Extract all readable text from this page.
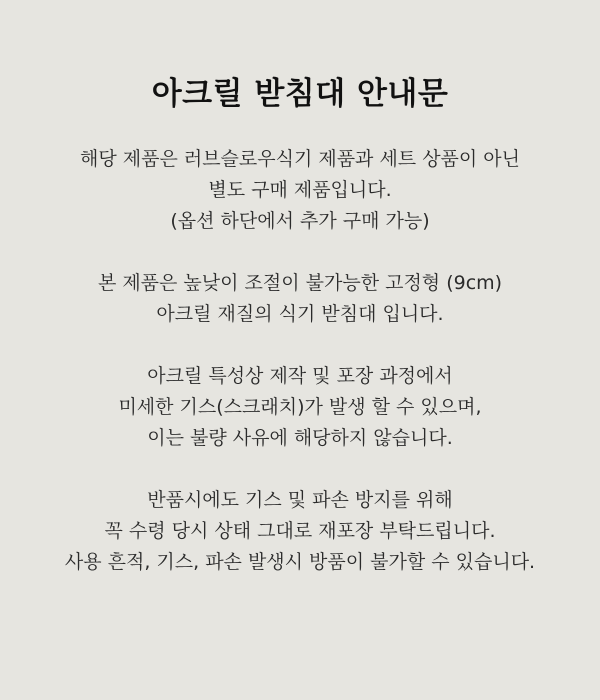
아크릴 받침대 안내문
해당 제품은 러브슬로우식기 제품과 세트 상품이 아닌
별도 구매 제품입니다.
(옵션 하단에서 추가 구매 가능)
본 제품은 높낮이 조절이 불가능한 고정형 (9cm)
아크릴 재질의 식기 받침대 입니다.
아크릴 특성상 제작 및 포장 과정에서
미세한 기스(스크래치)가 발생 할 수 있으며,
이는 불량 사유에 해당하지 않습니다.
반품시에도 기스 및 파손 방지를 위해
꼭 수령 당시 상태 그대로 재포장 부탁드립니다.
사용 흔적, 기스, 파손 발생시 방품이 불가할 수 있습니다.
